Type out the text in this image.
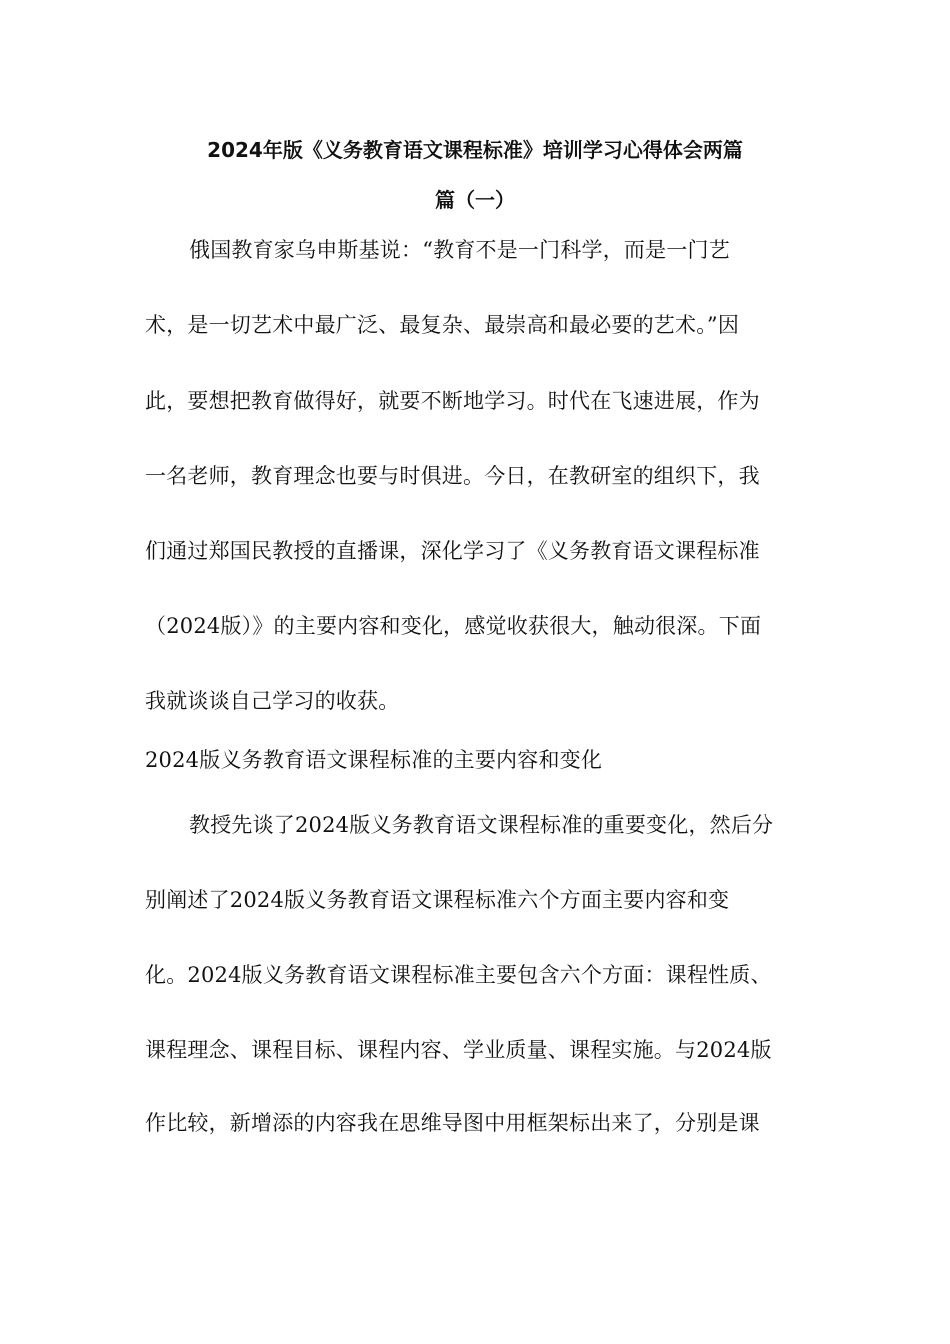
2024年版《义务教育语文课程标准》培训学习心得体会两篇
篇（一）
俄国教育家乌申斯基说：“教育不是一门科学，而是一门艺
术，是一切艺术中最广泛、最复杂、最崇高和最必要的艺术。”因
此，要想把教育做得好，就要不断地学习。时代在飞速进展，作为
一名老师，教育理念也要与时俱进。今日，在教研室的组织下，我
们通过郑国民教授的直播课，深化学习了《义务教育语文课程标准
（2024版）》的主要内容和变化，感觉收获很大，触动很深。下面
我就谈谈自己学习的收获。
2024版义务教育语文课程标准的主要内容和变化
教授先谈了2024版义务教育语文课程标准的重要变化，然后分
别阐述了2024版义务教育语文课程标准六个方面主要内容和变
化。2024版义务教育语文课程标准主要包含六个方面：课程性质、
课程理念、课程目标、课程内容、学业质量、课程实施。与2024版
作比较，新增添的内容我在思维导图中用框架标出来了，分别是课
